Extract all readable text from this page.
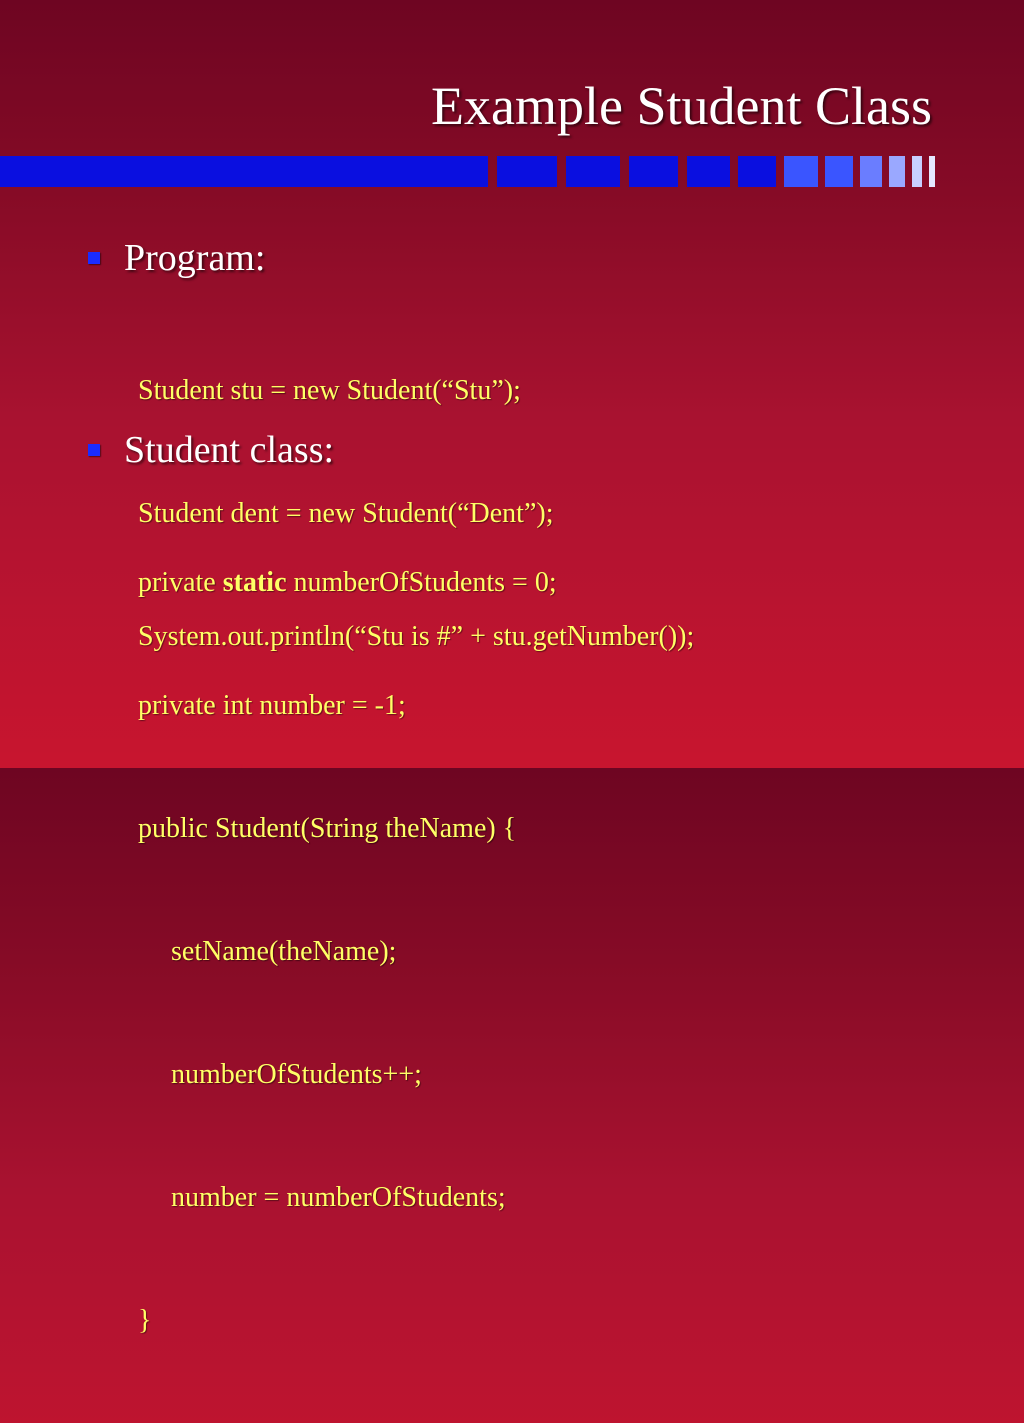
Example Student Class
Program:

Student stu = new Student(“Stu”);

Student dent = new Student(“Dent”);

System.out.println(“Stu is #” + stu.getNumber());

Student class:

private static numberOfStudents = 0;

private int number = -1;

public Student(String theName) {

setName(theName);

numberOfStudents++;

number = numberOfStudents;

}
